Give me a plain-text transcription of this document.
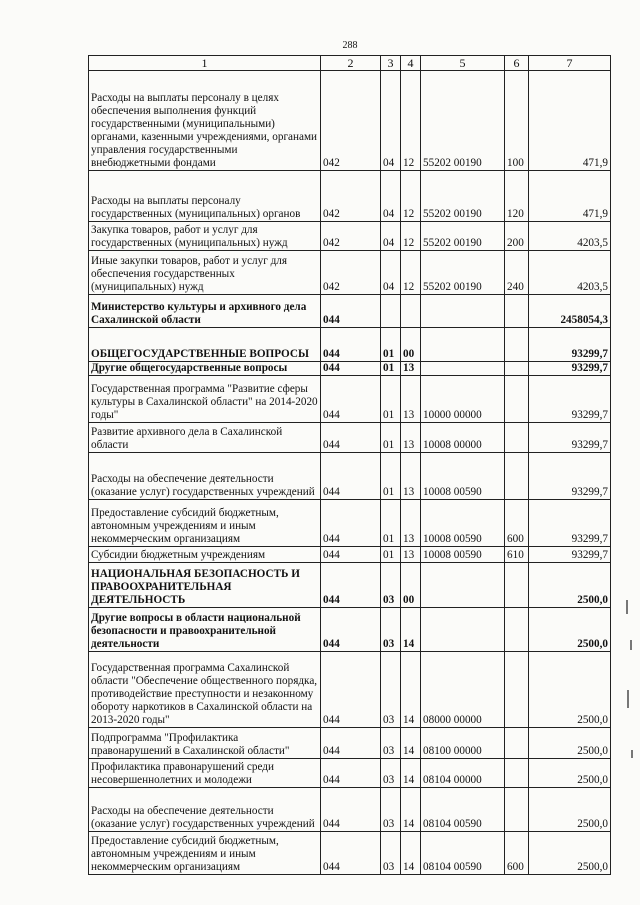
288
1	2	3	4	5	6	7
Расходы на выплаты персоналу в целях обеспечения выполнения функций государственными (муниципальными) органами, казенными учреждениями, органами управления государственными внебюджетными фондами	042	04	12	55202 00190	100	471,9
Расходы на выплаты персоналу государственных (муниципальных) органов	042	04	12	55202 00190	120	471,9
Закупка товаров, работ и услуг для государственных (муниципальных) нужд	042	04	12	55202 00190	200	4203,5
Иные закупки товаров, работ и услуг для обеспечения государственных (муниципальных) нужд	042	04	12	55202 00190	240	4203,5
Министерство культуры и архивного дела Сахалинской области	044					2458054,3
ОБЩЕГОСУДАРСТВЕННЫЕ ВОПРОСЫ	044	01	00			93299,7
Другие общегосударственные вопросы	044	01	13			93299,7
Государственная программа "Развитие сферы культуры в Сахалинской области" на 2014-2020 годы"	044	01	13	10000 00000		93299,7
Развитие архивного дела в Сахалинской области	044	01	13	10008 00000		93299,7
Расходы на обеспечение деятельности (оказание услуг) государственных учреждений	044	01	13	10008 00590		93299,7
Предоставление субсидий бюджетным, автономным учреждениям и иным некоммерческим организациям	044	01	13	10008 00590	600	93299,7
Субсидии бюджетным учреждениям	044	01	13	10008 00590	610	93299,7
НАЦИОНАЛЬНАЯ БЕЗОПАСНОСТЬ И ПРАВООХРАНИТЕЛЬНАЯ ДЕЯТЕЛЬНОСТЬ	044	03	00			2500,0
Другие вопросы в области национальной безопасности и правоохранительной деятельности	044	03	14			2500,0
Государственная программа Сахалинской области "Обеспечение общественного порядка, противодействие преступности и незаконному обороту наркотиков в Сахалинской области на 2013-2020 годы"	044	03	14	08000 00000		2500,0
Подпрограмма "Профилактика правонарушений в Сахалинской области"	044	03	14	08100 00000		2500,0
Профилактика правонарушений среди несовершеннолетних и молодежи	044	03	14	08104 00000		2500,0
Расходы на обеспечение деятельности (оказание услуг) государственных учреждений	044	03	14	08104 00590		2500,0
Предоставление субсидий бюджетным, автономным учреждениям и иным некоммерческим организациям	044	03	14	08104 00590	600	2500,0
